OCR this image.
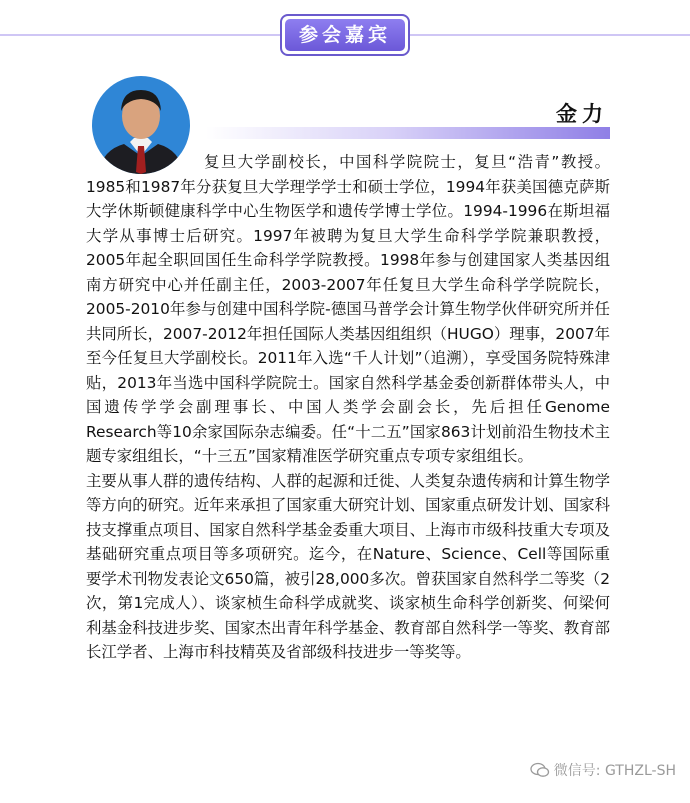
参会嘉宾
金力

复旦大学副校长，中国科学院院士，复旦“浩青”教授。1985和1987年分获复旦大学理学学士和硕士学位，1994年获美国德克萨斯大学休斯顿健康科学中心生物医学和遗传学博士学位。1994-1996在斯坦福大学从事博士后研究。1997年被聘为复旦大学生命科学学院兼职教授，2005年起全职回国任生命科学学院教授。1998年参与创建国家人类基因组南方研究中心并任副主任，2003-2007年任复旦大学生命科学学院院长，2005-2010年参与创建中国科学院-德国马普学会计算生物学伙伴研究所并任共同所长，2007-2012年担任国际人类基因组组织（HUGO）理事，2007年至今任复旦大学副校长。2011年入选“千人计划”（追溯），享受国务院特殊津贴，2013年当选中国科学院院士。国家自然科学基金委创新群体带头人，中国遗传学学会副理事长、中国人类学会副会长，先后担任Genome Research等10余家国际杂志编委。任“十二五”国家863计划前沿生物技术主题专家组组长，“十三五”国家精准医学研究重点专项专家组组长。

主要从事人群的遗传结构、人群的起源和迁徙、人类复杂遗传病和计算生物学等方向的研究。近年来承担了国家重大研究计划、国家重点研发计划、国家科技支撑重点项目、国家自然科学基金委重大项目、上海市市级科技重大专项及基础研究重点项目等多项研究。迄今，在Nature、Science、Cell等国际重要学术刊物发表论文650篇，被引28,000多次。曾获国家自然科学二等奖（2次，第1完成人）、谈家桢生命科学成就奖、谈家桢生命科学创新奖、何梁何利基金科技进步奖、国家杰出青年科学基金、教育部自然科学一等奖、教育部长江学者、上海市科技精英及省部级科技进步一等奖等。

微信号: GTHZL-SH
